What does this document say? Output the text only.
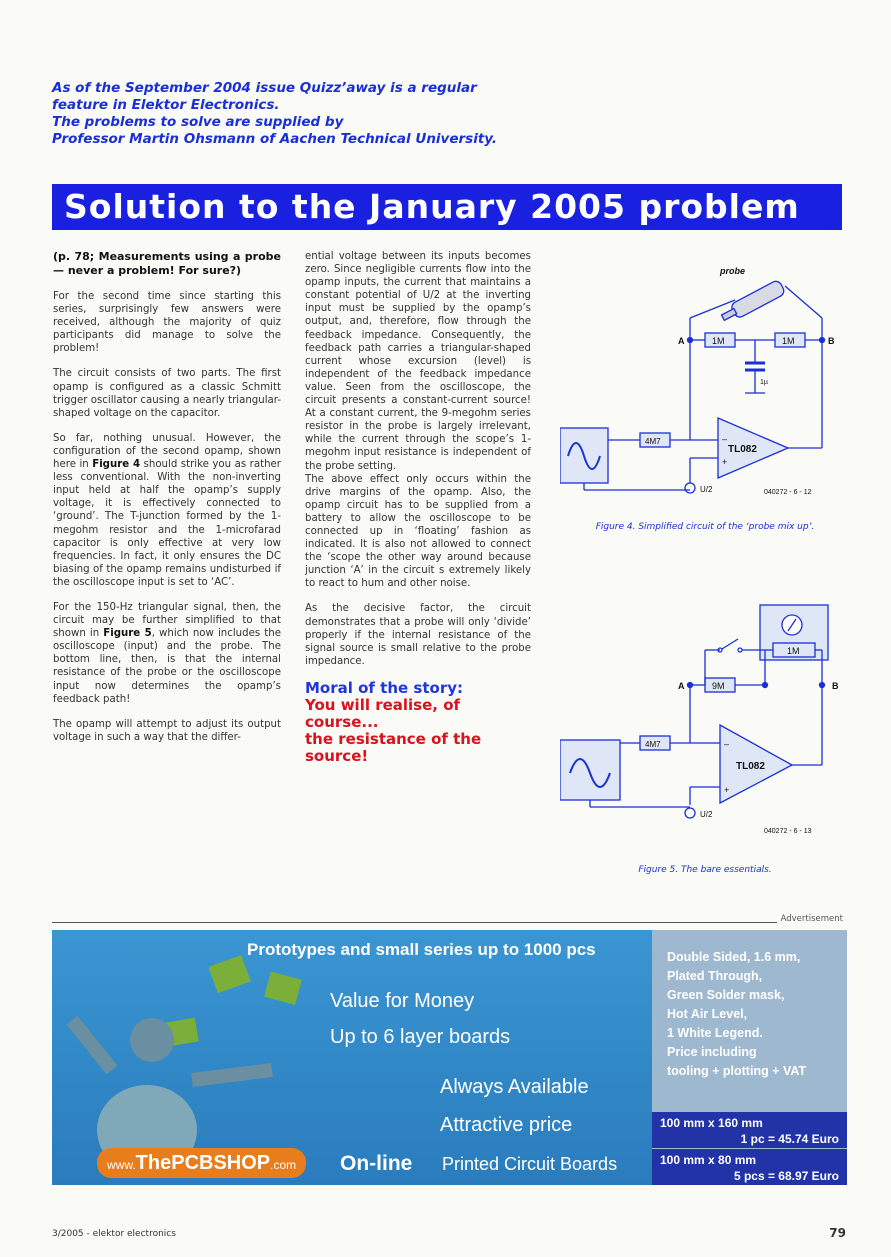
As of the September 2004 issue Quizz’away is a regular
feature in Elektor Electronics.
The problems to solve are supplied by
Professor Martin Ohsmann of Aachen Technical University.
Solution to the January 2005 problem

(p. 78; Measurements using a probe — never a problem! For sure?)

For the second time since starting this series, surprisingly few answers were received, although the majority of quiz participants did manage to solve the problem!

The circuit consists of two parts. The first opamp is configured as a classic Schmitt trigger oscillator causing a nearly triangular-shaped voltage on the capacitor.

So far, nothing unusual. However, the configuration of the second opamp, shown here in Figure 4 should strike you as rather less conventional. With the non-inverting input held at half the opamp’s supply voltage, it is effectively connected to ‘ground’. The T-junction formed by the 1-megohm resistor and the 1-microfarad capacitor is only effective at very low frequencies. In fact, it only ensures the DC biasing of the opamp remains undisturbed if the oscilloscope input is set to ‘AC’.

For the 150-Hz triangular signal, then, the circuit may be further simplified to that shown in Figure 5, which now includes the oscilloscope (input) and the probe. The bottom line, then, is that the internal resistance of the probe or the oscilloscope input now determines the opamp’s feedback path!

The opamp will attempt to adjust its output voltage in such a way that the differ-

ential voltage between its inputs becomes zero. Since negligible currents flow into the opamp inputs, the current that maintains a constant potential of U/2 at the inverting input must be supplied by the opamp’s output, and, therefore, flow through the feedback impedance. Consequently, the feedback path carries a triangular-shaped current whose excursion (level) is independent of the feedback impedance value. Seen from the oscilloscope, the circuit presents a constant-current source! At a constant current, the 9-megohm series resistor in the probe is largely irrelevant, while the current through the scope’s 1-megohm input resistance is independent of the probe setting.

The above effect only occurs within the drive margins of the opamp. Also, the opamp circuit has to be supplied from a battery to allow the oscilloscope to be connected up in ‘floating’ fashion as indicated. It is also not allowed to connect the ‘scope the other way around because junction ‘A’ in the circuit s extremely likely to react to hum and other noise.

As the decisive factor, the circuit demonstrates that a probe will only ‘divide’ properly if the internal resistance of the signal source is small relative to the probe impedance.

Moral of the story:
You will realise, of course...
the resistance of the source!
probe
A	B
1M	1M
1µ
4M7
TL082
–
+
U/2	040272 - 6 - 12
Figure 4. Simplified circuit of the ‘probe mix up’.
A	B
9M
1M
4M7
TL082
–
+
U/2
040272 - 6 - 13
Figure 5. The bare essentials.
Advertisement
Prototypes and small series up to 1000 pcs
Value for Money
Up to 6 layer boards
Always Available
Attractive price
www.ThePCBSHOP.com	On-line Printed Circuit Boards
Double Sided, 1.6 mm,
Plated Through,
Green Solder mask,
Hot Air Level,
1 White Legend.
Price including
tooling + plotting + VAT
100 mm x 160 mm
1 pc = 45.74 Euro
100 mm x 80 mm
5 pcs = 68.97 Euro
3/2005 - elektor electronics	79
